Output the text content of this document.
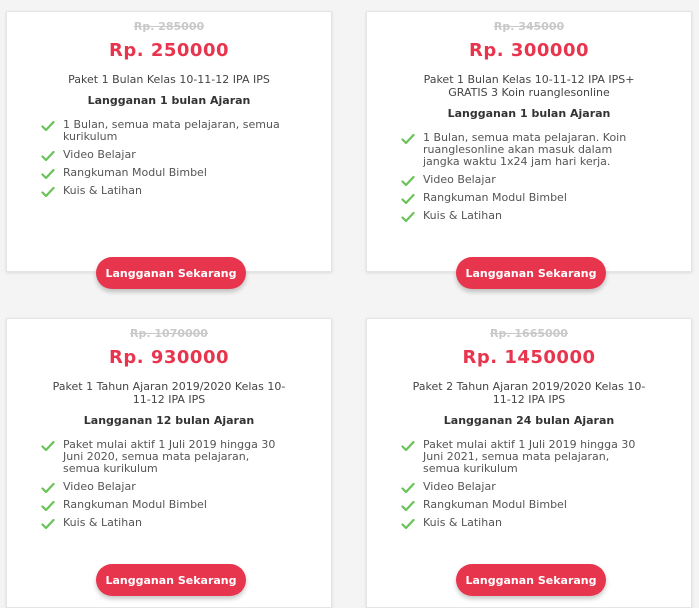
Rp. 285000
Rp. 250000
Paket 1 Bulan Kelas 10-11-12 IPA IPS
Langganan 1 bulan Ajaran
1 Bulan, semua mata pelajaran, semua kurikulum
Video Belajar
Rangkuman Modul Bimbel
Kuis & Latihan
Langganan Sekarang
Rp. 345000
Rp. 300000
Paket 1 Bulan Kelas 10-11-12 IPA IPS+ GRATIS 3 Koin ruanglesonline
Langganan 1 bulan Ajaran
1 Bulan, semua mata pelajaran. Koin ruanglesonline akan masuk dalam jangka waktu 1x24 jam hari kerja.
Video Belajar
Rangkuman Modul Bimbel
Kuis & Latihan
Langganan Sekarang
Rp. 1070000
Rp. 930000
Paket 1 Tahun Ajaran 2019/2020 Kelas 10-11-12 IPA IPS
Langganan 12 bulan Ajaran
Paket mulai aktif 1 Juli 2019 hingga 30 Juni 2020, semua mata pelajaran, semua kurikulum
Video Belajar
Rangkuman Modul Bimbel
Kuis & Latihan
Langganan Sekarang
Rp. 1665000
Rp. 1450000
Paket 2 Tahun Ajaran 2019/2020 Kelas 10-11-12 IPA IPS
Langganan 24 bulan Ajaran
Paket mulai aktif 1 Juli 2019 hingga 30 Juni 2021, semua mata pelajaran, semua kurikulum
Video Belajar
Rangkuman Modul Bimbel
Kuis & Latihan
Langganan Sekarang
